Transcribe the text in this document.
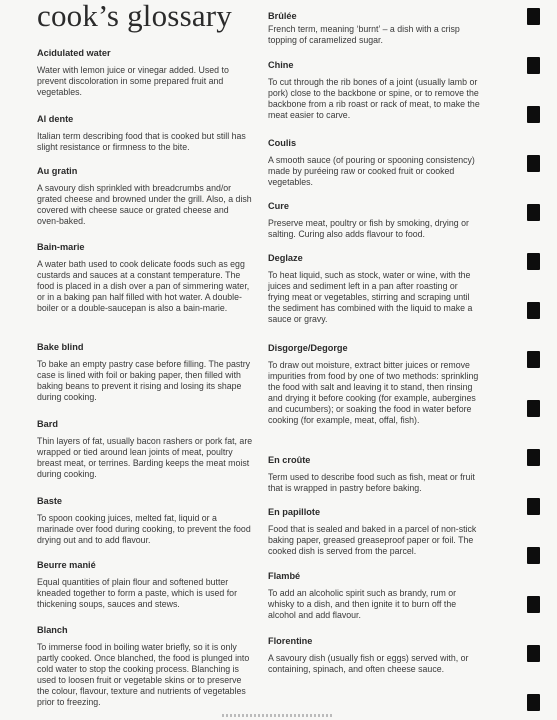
cook’s glossary

Acidulated water

Water with lemon juice or vinegar added. Used to prevent discoloration in some prepared fruit and vegetables.

Al dente

Italian term describing food that is cooked but still has slight resistance or firmness to the bite.

Au gratin

A savoury dish sprinkled with breadcrumbs and/or grated cheese and browned under the grill. Also, a dish covered with cheese sauce or grated cheese and oven-baked.

Bain-marie

A water bath used to cook delicate foods such as egg custards and sauces at a constant temperature. The food is placed in a dish over a pan of simmering water, or in a baking pan half filled with hot water. A double-boiler or a double-saucepan is also a bain-marie.

Bake blind

To bake an empty pastry case before filling. The pastry case is lined with foil or baking paper, then filled with baking beans to prevent it rising and losing its shape during cooking.

Bard

Thin layers of fat, usually bacon rashers or pork fat, are wrapped or tied around lean joints of meat, poultry breast meat, or terrines. Barding keeps the meat moist during cooking.

Baste

To spoon cooking juices, melted fat, liquid or a marinade over food during cooking, to prevent the food drying out and to add flavour.

Beurre manié

Equal quantities of plain flour and softened butter kneaded together to form a paste, which is used for thickening soups, sauces and stews.

Blanch

To immerse food in boiling water briefly, so it is only partly cooked. Once blanched, the food is plunged into cold water to stop the cooking process. Blanching is used to loosen fruit or vegetable skins or to preserve the colour, flavour, texture and nutrients of vegetables prior to freezing.

Brûlée

French term, meaning ‘burnt’ – a dish with a crisp topping of caramelized sugar.

Chine

To cut through the rib bones of a joint (usually lamb or pork) close to the backbone or spine, or to remove the backbone from a rib roast or rack of meat, to make the meat easier to carve.

Coulis

A smooth sauce (of pouring or spooning consistency) made by puréeing raw or cooked fruit or cooked vegetables.

Cure

Preserve meat, poultry or fish by smoking, drying or salting. Curing also adds flavour to food.

Deglaze

To heat liquid, such as stock, water or wine, with the juices and sediment left in a pan after roasting or frying meat or vegetables, stirring and scraping until the sediment has combined with the liquid to make a sauce or gravy.

Disgorge/Degorge

To draw out moisture, extract bitter juices or remove impurities from food by one of two methods: sprinkling the food with salt and leaving it to stand, then rinsing and drying it before cooking (for example, aubergines and cucumbers); or soaking the food in water before cooking (for example, meat, offal, fish).

En croûte

Term used to describe food such as fish, meat or fruit that is wrapped in pastry before baking.

En papillote

Food that is sealed and baked in a parcel of non-stick baking paper, greased greaseproof paper or foil. The cooked dish is served from the parcel.

Flambé

To add an alcoholic spirit such as brandy, rum or whisky to a dish, and then ignite it to burn off the alcohol and add flavour.

Florentine

A savoury dish (usually fish or eggs) served with, or containing, spinach, and often cheese sauce.
